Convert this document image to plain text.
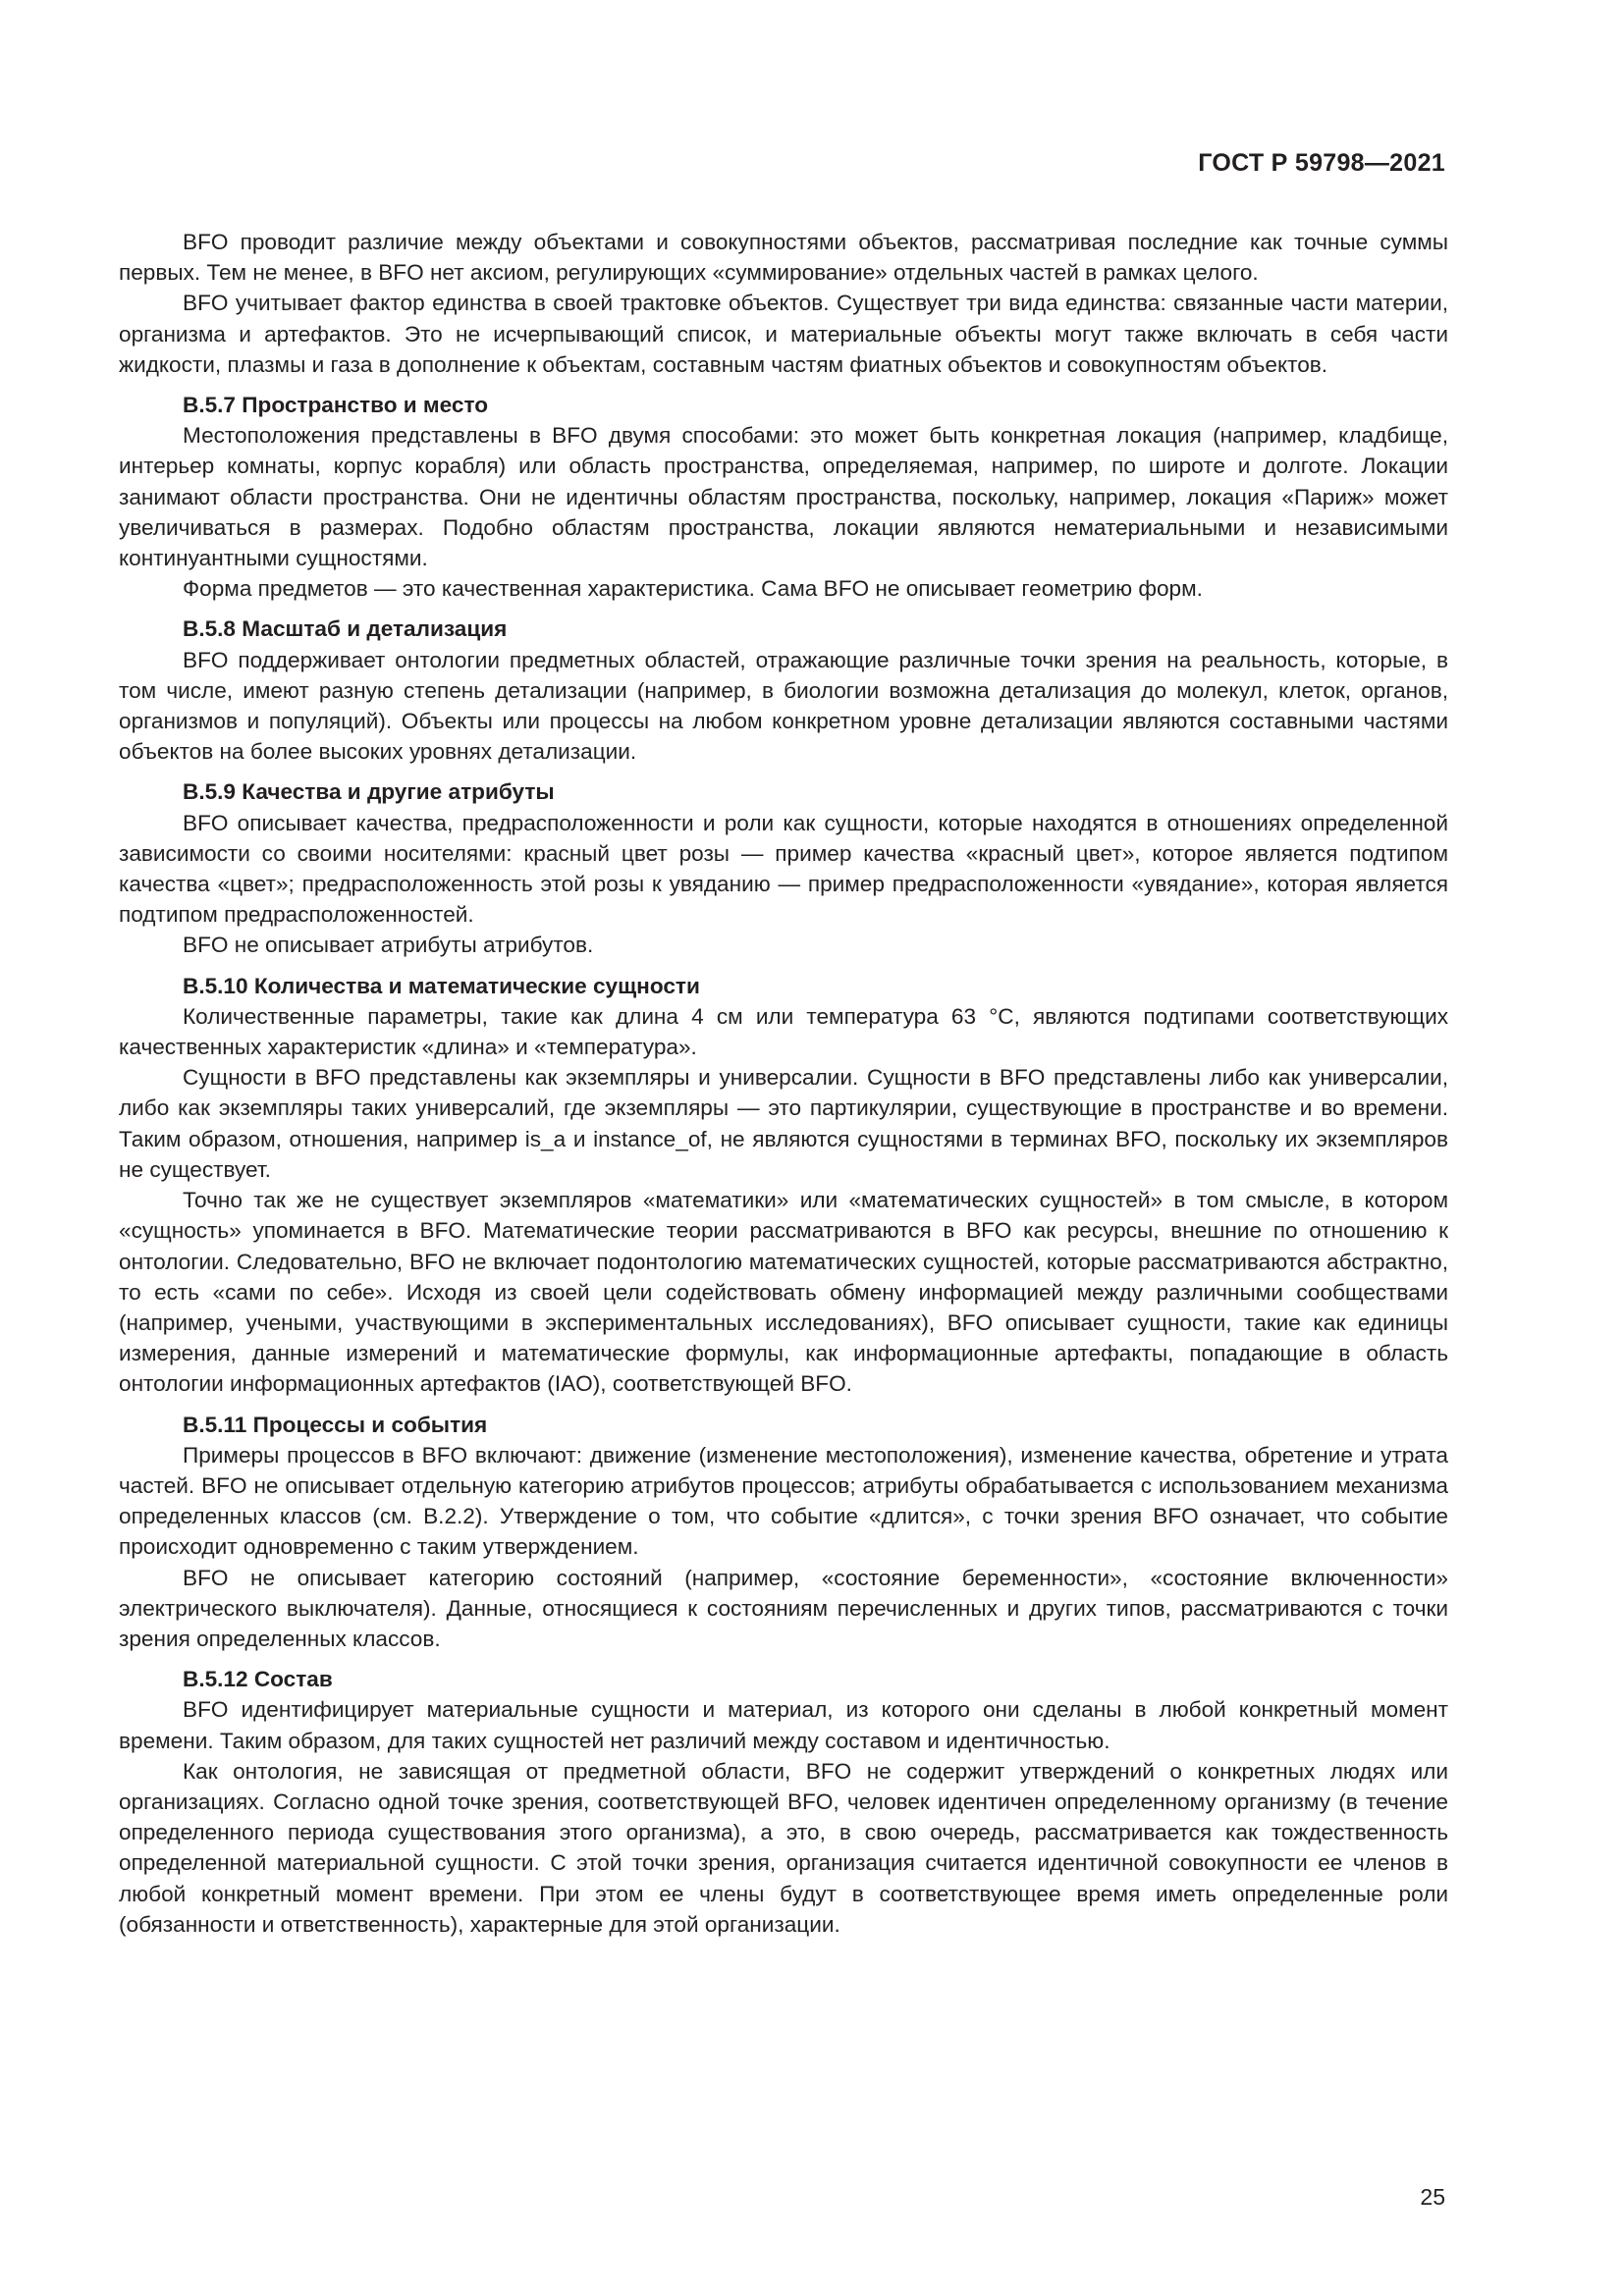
ГОСТ Р 59798—2021

BFO проводит различие между объектами и совокупностями объектов, рассматривая последние как точные суммы первых. Тем не менее, в BFO нет аксиом, регулирующих «суммирование» отдельных частей в рамках целого.

BFO учитывает фактор единства в своей трактовке объектов. Существует три вида единства: связанные части материи, организма и артефактов. Это не исчерпывающий список, и материальные объекты могут также включать в себя части жидкости, плазмы и газа в дополнение к объектам, составным частям фиатных объектов и совокупностям объектов.

B.5.7 Пространство и место

Местоположения представлены в BFO двумя способами: это может быть конкретная локация (например, кладбище, интерьер комнаты, корпус корабля) или область пространства, определяемая, например, по широте и долготе. Локации занимают области пространства. Они не идентичны областям пространства, поскольку, например, локация «Париж» может увеличиваться в размерах. Подобно областям пространства, локации являются нематериальными и независимыми континуантными сущностями.

Форма предметов — это качественная характеристика. Сама BFO не описывает геометрию форм.

B.5.8 Масштаб и детализация

BFO поддерживает онтологии предметных областей, отражающие различные точки зрения на реальность, которые, в том числе, имеют разную степень детализации (например, в биологии возможна детализация до молекул, клеток, органов, организмов и популяций). Объекты или процессы на любом конкретном уровне детализации являются составными частями объектов на более высоких уровнях детализации.

B.5.9 Качества и другие атрибуты

BFO описывает качества, предрасположенности и роли как сущности, которые находятся в отношениях определенной зависимости со своими носителями: красный цвет розы — пример качества «красный цвет», которое является подтипом качества «цвет»; предрасположенность этой розы к увяданию — пример предрасположенности «увядание», которая является подтипом предрасположенностей.

BFO не описывает атрибуты атрибутов.

B.5.10 Количества и математические сущности

Количественные параметры, такие как длина 4 см или температура 63 °С, являются подтипами соответствующих качественных характеристик «длина» и «температура».

Сущности в BFO представлены как экземпляры и универсалии. Сущности в BFO представлены либо как универсалии, либо как экземпляры таких универсалий, где экземпляры — это партикулярии, существующие в пространстве и во времени. Таким образом, отношения, например is_a и instance_of, не являются сущностями в терминах BFO, поскольку их экземпляров не существует.

Точно так же не существует экземпляров «математики» или «математических сущностей» в том смысле, в котором «сущность» упоминается в BFO. Математические теории рассматриваются в BFO как ресурсы, внешние по отношению к онтологии. Следовательно, BFO не включает подонтологию математических сущностей, которые рассматриваются абстрактно, то есть «сами по себе». Исходя из своей цели содействовать обмену информацией между различными сообществами (например, учеными, участвующими в экспериментальных исследованиях), BFO описывает сущности, такие как единицы измерения, данные измерений и математические формулы, как информационные артефакты, попадающие в область онтологии информационных артефактов (IAO), соответствующей BFO.

B.5.11 Процессы и события

Примеры процессов в BFO включают: движение (изменение местоположения), изменение качества, обретение и утрата частей. BFO не описывает отдельную категорию атрибутов процессов; атрибуты обрабатывается с использованием механизма определенных классов (см. B.2.2). Утверждение о том, что событие «длится», с точки зрения BFO означает, что событие происходит одновременно с таким утверждением.

BFO не описывает категорию состояний (например, «состояние беременности», «состояние включенности» электрического выключателя). Данные, относящиеся к состояниям перечисленных и других типов, рассматриваются с точки зрения определенных классов.

B.5.12 Состав

BFO идентифицирует материальные сущности и материал, из которого они сделаны в любой конкретный момент времени. Таким образом, для таких сущностей нет различий между составом и идентичностью.

Как онтология, не зависящая от предметной области, BFO не содержит утверждений о конкретных людях или организациях. Согласно одной точке зрения, соответствующей BFO, человек идентичен определенному организму (в течение определенного периода существования этого организма), а это, в свою очередь, рассматривается как тождественность определенной материальной сущности. С этой точки зрения, организация считается идентичной совокупности ее членов в любой конкретный момент времени. При этом ее члены будут в соответствующее время иметь определенные роли (обязанности и ответственность), характерные для этой организации.

25
